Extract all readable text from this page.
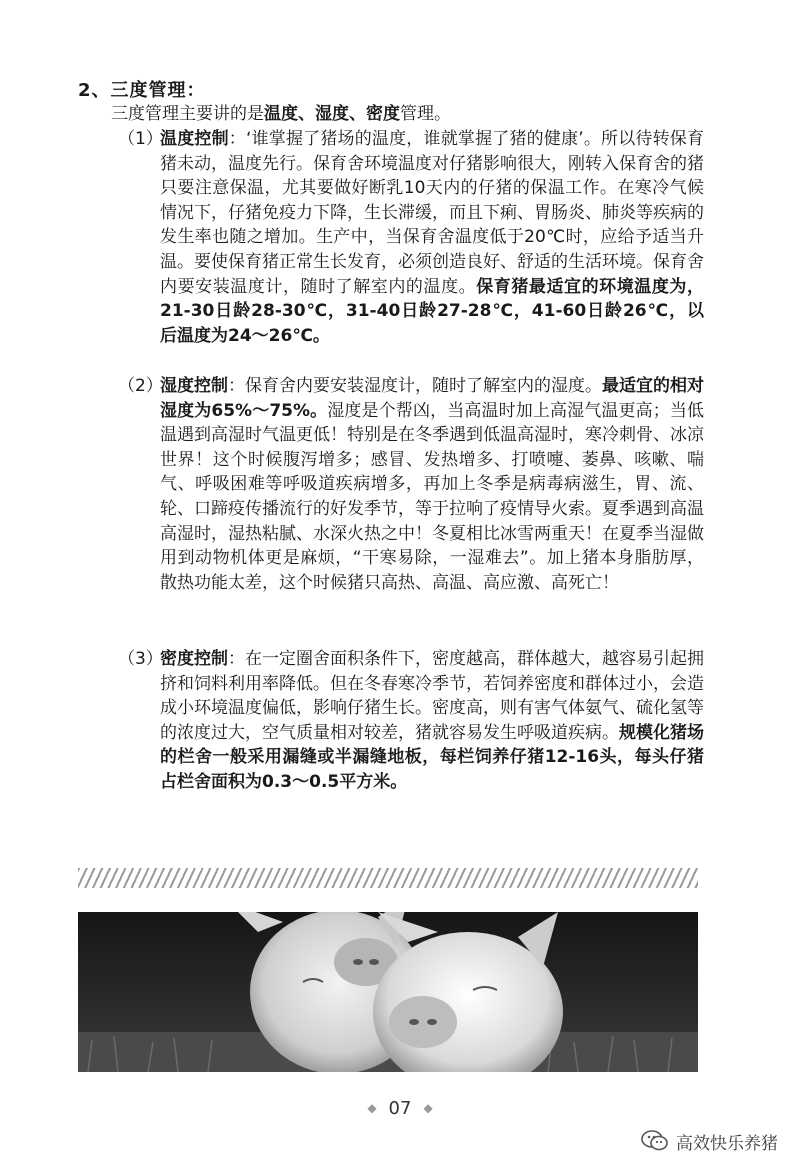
2、三度管理：
三度管理主要讲的是温度、湿度、密度管理。
（1）
温度控制：‘谁掌握了猪场的温度，谁就掌握了猪的健康’。所以待转保育猪未动，温度先行。保育舍环境温度对仔猪影响很大，刚转入保育舍的猪只要注意保温，尤其要做好断乳10天内的仔猪的保温工作。在寒冷气候情况下，仔猪免疫力下降，生长滞缓，而且下痢、胃肠炎、肺炎等疾病的发生率也随之增加。生产中，当保育舍温度低于20℃时，应给予适当升温。要使保育猪正常生长发育，必须创造良好、舒适的生活环境。保育舍内要安装温度计，随时了解室内的温度。保育猪最适宜的环境温度为，21-30日龄28-30℃，31-40日龄27-28℃，41-60日龄26℃，以后温度为24～26℃。
（2）
湿度控制：保育舍内要安装湿度计，随时了解室内的湿度。最适宜的相对湿度为65%～75%。湿度是个帮凶，当高温时加上高湿气温更高；当低温遇到高湿时气温更低！特别是在冬季遇到低温高湿时，寒冷刺骨、冰凉世界！这个时候腹泻增多；感冒、发热增多、打喷嚏、萎鼻、咳嗽、喘气、呼吸困难等呼吸道疾病增多，再加上冬季是病毒病滋生，胃、流、轮、口蹄疫传播流行的好发季节，等于拉响了疫情导火索。夏季遇到高温高湿时，湿热粘腻、水深火热之中！冬夏相比冰雪两重天！在夏季当湿做用到动物机体更是麻烦，“干寒易除，一湿难去”。加上猪本身脂肪厚，散热功能太差，这个时候猪只高热、高温、高应激、高死亡！
（3）
密度控制：在一定圈舍面积条件下，密度越高，群体越大，越容易引起拥挤和饲料利用率降低。但在冬春寒冷季节，若饲养密度和群体过小，会造成小环境温度偏低，影响仔猪生长。密度高，则有害气体氨气、硫化氢等的浓度过大，空气质量相对较差，猪就容易发生呼吸道疾病。规模化猪场的栏舍一般采用漏缝或半漏缝地板，每栏饲养仔猪12-16头，每头仔猪占栏舍面积为0.3～0.5平方米。
◆ 07 ◆
高效快乐养猪
